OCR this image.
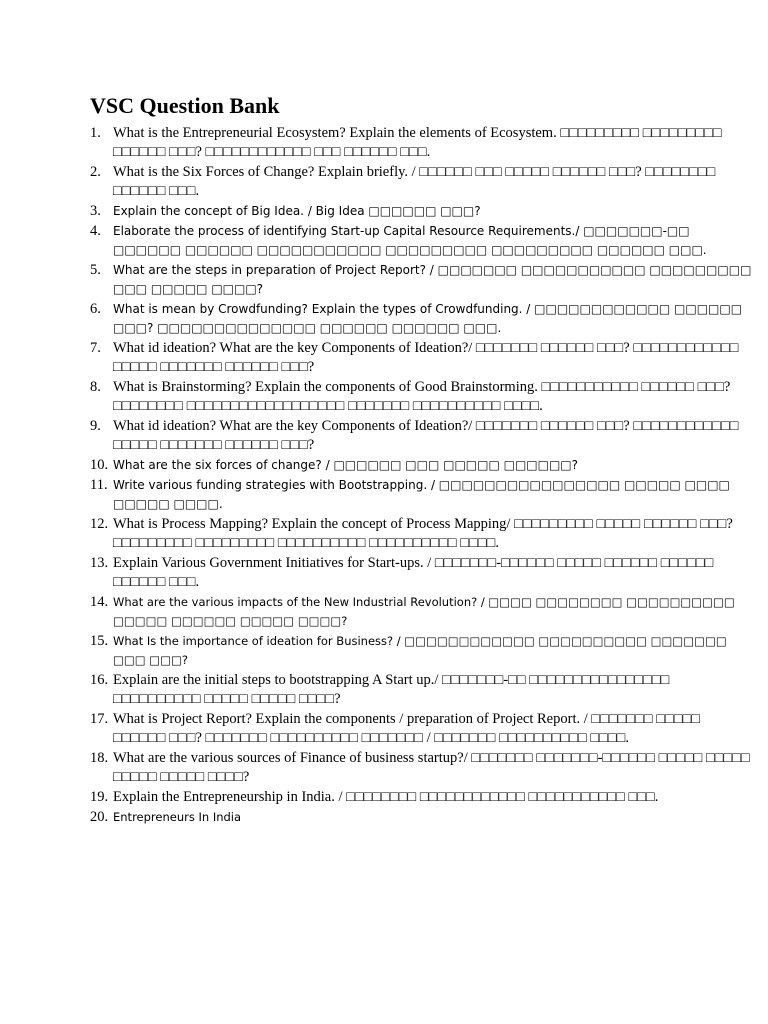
VSC Question Bank
1. What is the Entrepreneurial Ecosystem? Explain the elements of Ecosystem. □□□□□□□□□ □□□□□□□□□ □□□□□□ □□□? □□□□□□□□□□□□ □□□ □□□□□□ □□□.
2. What is the Six Forces of Change? Explain briefly. / □□□□□□ □□□ □□□□□ □□□□□□ □□□? □□□□□□□□ □□□□□□ □□□.
3. Explain the concept of Big Idea. / Big Idea □□□□□□ □□□?
4. Elaborate the process of identifying Start-up Capital Resource Requirements./ □□□□□□□-□□ □□□□□□ □□□□□□ □□□□□□□□□□□ □□□□□□□□□ □□□□□□□□□ □□□□□□ □□□.
5. What are the steps in preparation of Project Report? / □□□□□□□ □□□□□□□□□□□ □□□□□□□□□ □□□ □□□□□ □□□□?
6. What is mean by Crowdfunding? Explain the types of Crowdfunding. / □□□□□□□□□□□□ □□□□□□ □□□? □□□□□□□□□□□□□□ □□□□□□ □□□□□□ □□□.
7. What id ideation? What are the key Components of Ideation?/ □□□□□□□ □□□□□□ □□□? □□□□□□□□□□□□ □□□□□ □□□□□□□ □□□□□□ □□□?
8. What is Brainstorming? Explain the components of Good Brainstorming. □□□□□□□□□□□ □□□□□□ □□□? □□□□□□□□ □□□□□□□□□□□□□□□□□□ □□□□□□□ □□□□□□□□□□ □□□□.
9. What id ideation? What are the key Components of Ideation?/ □□□□□□□ □□□□□□ □□□? □□□□□□□□□□□□ □□□□□ □□□□□□□ □□□□□□ □□□?
10. What are the six forces of change? / □□□□□□ □□□ □□□□□ □□□□□□?
11. Write various funding strategies with Bootstrapping. / □□□□□□□□□□□□□□□□ □□□□□ □□□□ □□□□□ □□□□.
12. What is Process Mapping? Explain the concept of Process Mapping/ □□□□□□□□□ □□□□□ □□□□□□ □□□? □□□□□□□□□ □□□□□□□□□ □□□□□□□□□□ □□□□□□□□□□ □□□□.
13. Explain Various Government Initiatives for Start-ups. / □□□□□□□-□□□□□□ □□□□□ □□□□□□ □□□□□□ □□□□□□ □□□.
14. What are the various impacts of the New Industrial Revolution? / □□□□ □□□□□□□□ □□□□□□□□□□ □□□□□ □□□□□□ □□□□□ □□□□?
15. What Is the importance of ideation for Business? / □□□□□□□□□□□□ □□□□□□□□□□ □□□□□□□ □□□ □□□?
16. Explain are the initial steps to bootstrapping A Start up./ □□□□□□□-□□ □□□□□□□□□□□□□□□□ □□□□□□□□□□ □□□□□ □□□□□ □□□□?
17. What is Project Report? Explain the components / preparation of Project Report. / □□□□□□□ □□□□□ □□□□□□ □□□? □□□□□□□ □□□□□□□□□□ □□□□□□□ / □□□□□□□ □□□□□□□□□□ □□□□.
18. What are the various sources of Finance of business startup?/ □□□□□□□ □□□□□□□-□□□□□□ □□□□□ □□□□□ □□□□□ □□□□□ □□□□?
19. Explain the Entrepreneurship in India. / □□□□□□□□ □□□□□□□□□□□□ □□□□□□□□□□□ □□□.
20. Entrepreneurs In India
